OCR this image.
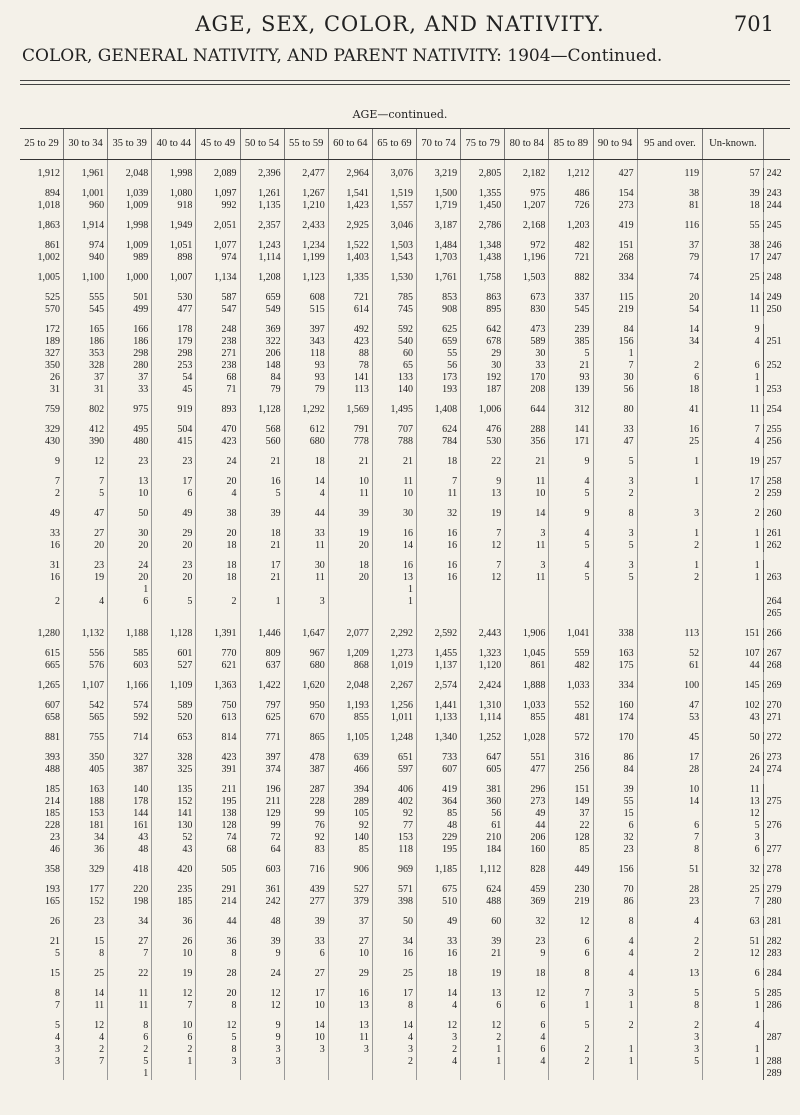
AGE, SEX, COLOR, AND NATIVITY.	701
COLOR, GENERAL NATIVITY, AND PARENT NATIVITY: 1904—Continued.
AGE—continued.
25 to 29	30 to 34	35 to 39	40 to 44	45 to 49	50 to 54	55 to 59	60 to 64	65 to 69	70 to 74	75 to 79	80 to 84	85 to 89	90 to 94	95 and over.	Un-known.	

1,912	1,961	2,048	1,998	2,089	2,396	2,477	2,964	3,076	3,219	2,805	2,182	1,212	427	119	57	242

894	1,001	1,039	1,080	1,097	1,261	1,267	1,541	1,519	1,500	1,355	975	486	154	38	39	243
1,018	960	1,009	918	992	1,135	1,210	1,423	1,557	1,719	1,450	1,207	726	273	81	18	244

1,863	1,914	1,998	1,949	2,051	2,357	2,433	2,925	3,046	3,187	2,786	2,168	1,203	419	116	55	245

861	974	1,009	1,051	1,077	1,243	1,234	1,522	1,503	1,484	1,348	972	482	151	37	38	246
1,002	940	989	898	974	1,114	1,199	1,403	1,543	1,703	1,438	1,196	721	268	79	17	247

1,005	1,100	1,000	1,007	1,134	1,208	1,123	1,335	1,530	1,761	1,758	1,503	882	334	74	25	248

525	555	501	530	587	659	608	721	785	853	863	673	337	115	20	14	249
570	545	499	477	547	549	515	614	745	908	895	830	545	219	54	11	250

172	165	166	178	248	369	397	492	592	625	642	473	239	84	14	9	
189	186	186	179	238	322	343	423	540	659	678	589	385	156	34	4	251
327	353	298	298	271	206	118	88	60	55	29	30	5	1			
350	328	280	253	238	148	93	78	65	56	30	33	21	7	2	6	252
26	37	37	54	68	84	93	141	133	173	192	170	93	30	6	1	
31	31	33	45	71	79	79	113	140	193	187	208	139	56	18	1	253

759	802	975	919	893	1,128	1,292	1,569	1,495	1,408	1,006	644	312	80	41	11	254

329	412	495	504	470	568	612	791	707	624	476	288	141	33	16	7	255
430	390	480	415	423	560	680	778	788	784	530	356	171	47	25	4	256

9	12	23	23	24	21	18	21	21	18	22	21	9	5	1	19	257

7	7	13	17	20	16	14	10	11	7	9	11	4	3	1	17	258
2	5	10	6	4	5	4	11	10	11	13	10	5	2		2	259

49	47	50	49	38	39	44	39	30	32	19	14	9	8	3	2	260

33	27	30	29	20	18	33	19	16	16	7	3	4	3	1	1	261
16	20	20	20	18	21	11	20	14	16	12	11	5	5	2	1	262

31	23	24	23	18	17	30	18	16	16	7	3	4	3	1	1	
16	19	20	20	18	21	11	20	13	16	12	11	5	5	2	1	263
		1						1								
2	4	6	5	2	1	3		1								264
																265

1,280	1,132	1,188	1,128	1,391	1,446	1,647	2,077	2,292	2,592	2,443	1,906	1,041	338	113	151	266

615	556	585	601	770	809	967	1,209	1,273	1,455	1,323	1,045	559	163	52	107	267
665	576	603	527	621	637	680	868	1,019	1,137	1,120	861	482	175	61	44	268

1,265	1,107	1,166	1,109	1,363	1,422	1,620	2,048	2,267	2,574	2,424	1,888	1,033	334	100	145	269

607	542	574	589	750	797	950	1,193	1,256	1,441	1,310	1,033	552	160	47	102	270
658	565	592	520	613	625	670	855	1,011	1,133	1,114	855	481	174	53	43	271

881	755	714	653	814	771	865	1,105	1,248	1,340	1,252	1,028	572	170	45	50	272

393	350	327	328	423	397	478	639	651	733	647	551	316	86	17	26	273
488	405	387	325	391	374	387	466	597	607	605	477	256	84	28	24	274

185	163	140	135	211	196	287	394	406	419	381	296	151	39	10	11	
214	188	178	152	195	211	228	289	402	364	360	273	149	55	14	13	275
185	153	144	141	138	129	99	105	92	85	56	49	37	15		12	
228	181	161	130	128	99	76	92	77	48	61	44	22	6	6	5	276
23	34	43	52	74	72	92	140	153	229	210	206	128	32	7	3	
46	36	48	43	68	64	83	85	118	195	184	160	85	23	8	6	277

358	329	418	420	505	603	716	906	969	1,185	1,112	828	449	156	51	32	278

193	177	220	235	291	361	439	527	571	675	624	459	230	70	28	25	279
165	152	198	185	214	242	277	379	398	510	488	369	219	86	23	7	280

26	23	34	36	44	48	39	37	50	49	60	32	12	8	4	63	281

21	15	27	26	36	39	33	27	34	33	39	23	6	4	2	51	282
5	8	7	10	8	9	6	10	16	16	21	9	6	4	2	12	283

15	25	22	19	28	24	27	29	25	18	19	18	8	4	13	6	284

8	14	11	12	20	12	17	16	17	14	13	12	7	3	5	5	285
7	11	11	7	8	12	10	13	8	4	6	6	1	1	8	1	286

5	12	8	10	12	9	14	13	14	12	12	6	5	2	2	4	
4	4	6	6	5	9	10	11	4	3	2	4			3		287
3	2	2	2	8	3	3	3	3	2	1	6	2	1	3	1	
3	7	5	1	3	3			2	4	1	4	2	1	5	1	288
		1														289
